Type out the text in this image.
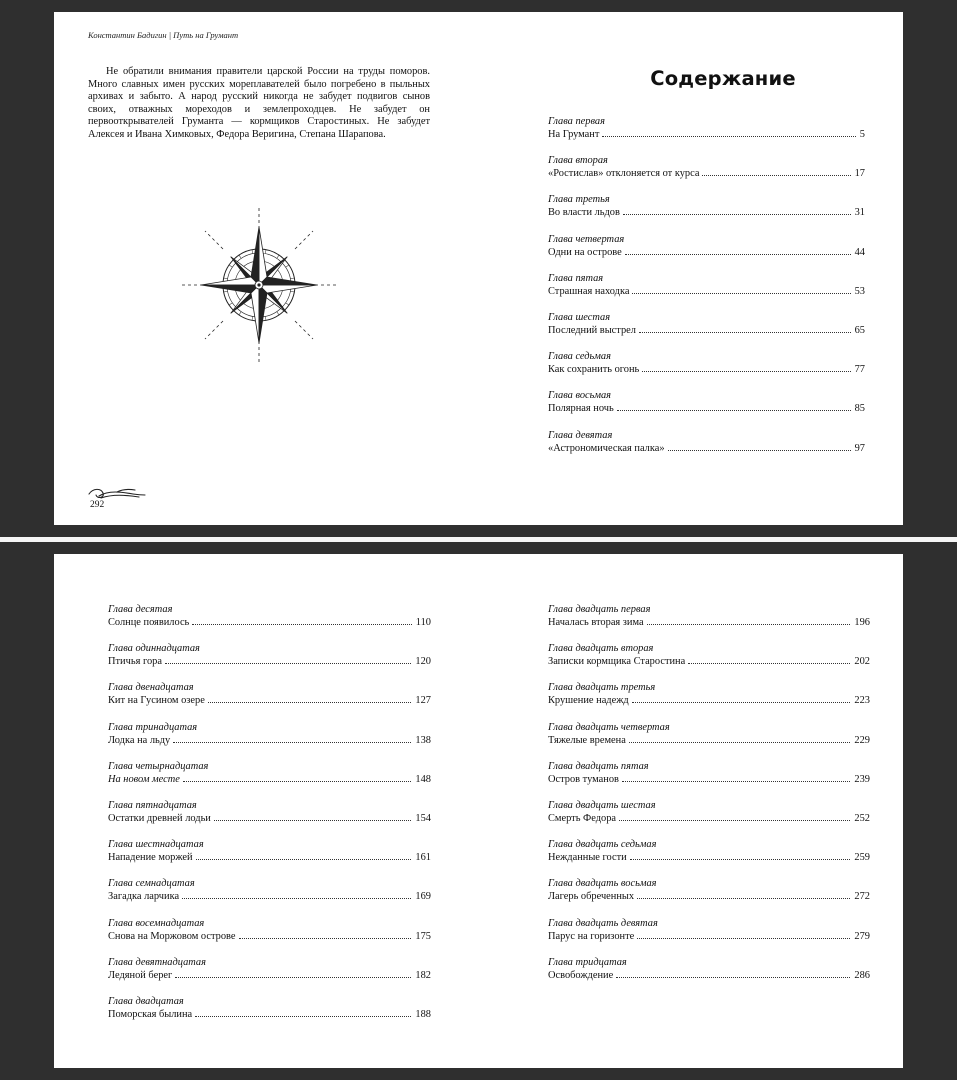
Константин Бадигин | Путь на Грумант

Не обратили внимания правители царской России на труды поморов. Много славных имен русских мореплавателей было погребено в пыльных архивах и забыто. А народ русский никогда не забудет подвигов сынов своих, отважных мореходов и землепроходцев. Не забудет он первооткрывателей Груманта — кормщиков Старостиных. Не забудет Алексея и Ивана Химковых, Федора Веригина, Степана Шарапова.

292
Содержание
Глава первая
На Грумант	5
Глава вторая
«Ростислав» отклоняется от курса	17
Глава третья
Во власти льдов	31
Глава четвертая
Одни на острове	44
Глава пятая
Страшная находка	53
Глава шестая
Последний выстрел	65
Глава седьмая
Как сохранить огонь	77
Глава восьмая
Полярная ночь	85
Глава девятая
«Астрономическая палка»	97
Глава десятая
Солнце появилось	110
Глава одиннадцатая
Птичья гора	120
Глава двенадцатая
Кит на Гусином озере	127
Глава тринадцатая
Лодка на льду	138
Глава четырнадцатая
На новом месте	148
Глава пятнадцатая
Остатки древней лодьи	154
Глава шестнадцатая
Нападение моржей	161
Глава семнадцатая
Загадка ларчика	169
Глава восемнадцатая
Снова на Моржовом острове	175
Глава девятнадцатая
Ледяной берег	182
Глава двадцатая
Поморская былина	188
Глава двадцать первая
Началась вторая зима	196
Глава двадцать вторая
Записки кормщика Старостина	202
Глава двадцать третья
Крушение надежд	223
Глава двадцать четвертая
Тяжелые времена	229
Глава двадцать пятая
Остров туманов	239
Глава двадцать шестая
Смерть Федора	252
Глава двадцать седьмая
Нежданные гости	259
Глава двадцать восьмая
Лагерь обреченных	272
Глава двадцать девятая
Парус на горизонте	279
Глава тридцатая
Освобождение	286
